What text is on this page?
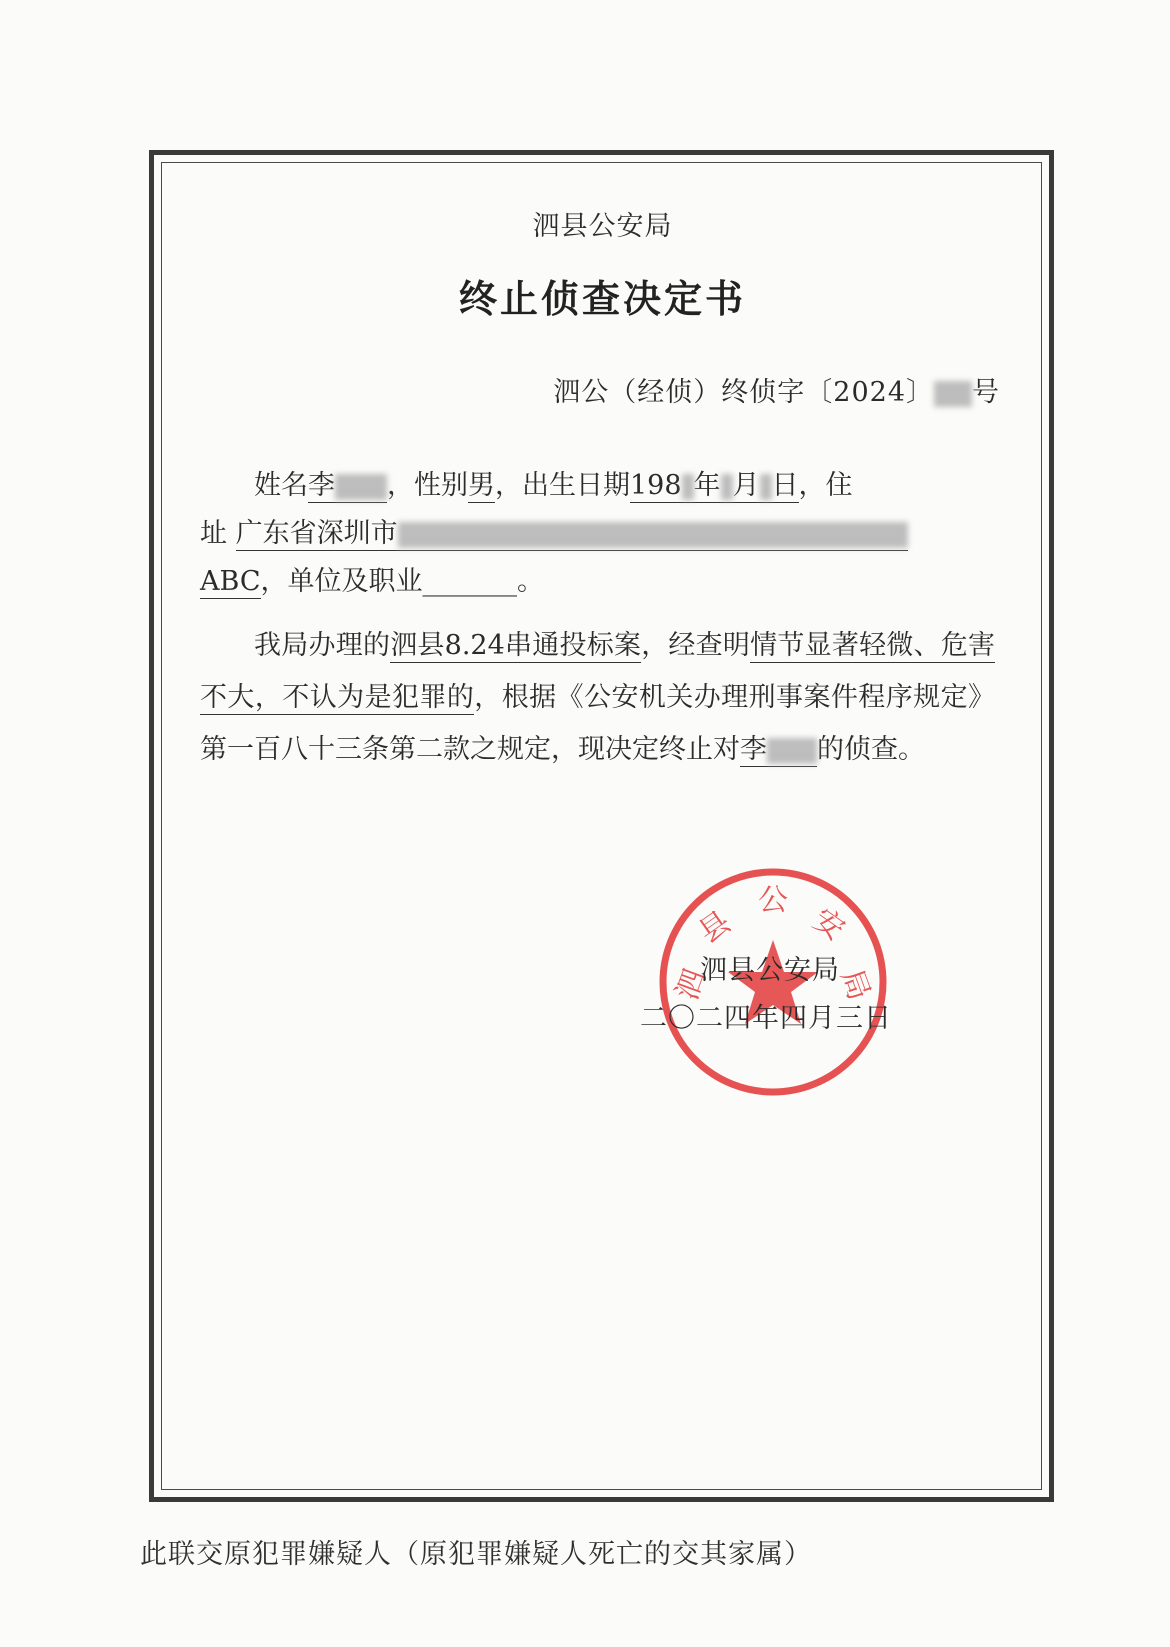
泗县公安局
终止侦查决定书
泗公（经侦）终侦字〔2024〕 号

姓名李 ，性别男，出生日期198 年 月 日，住

址 广东省深圳市

ABC，单位及职业_______。

我局办理的泗县8.24串通投标案，经查明情节显著轻微、危害不大，不认为是犯罪的，根据《公安机关办理刑事案件程序规定》第一百八十三条第二款之规定，现决定终止对李 的侦查。

泗
县
公
安
局
泗县公安局
二〇二四年四月三日
此联交原犯罪嫌疑人（原犯罪嫌疑人死亡的交其家属）
